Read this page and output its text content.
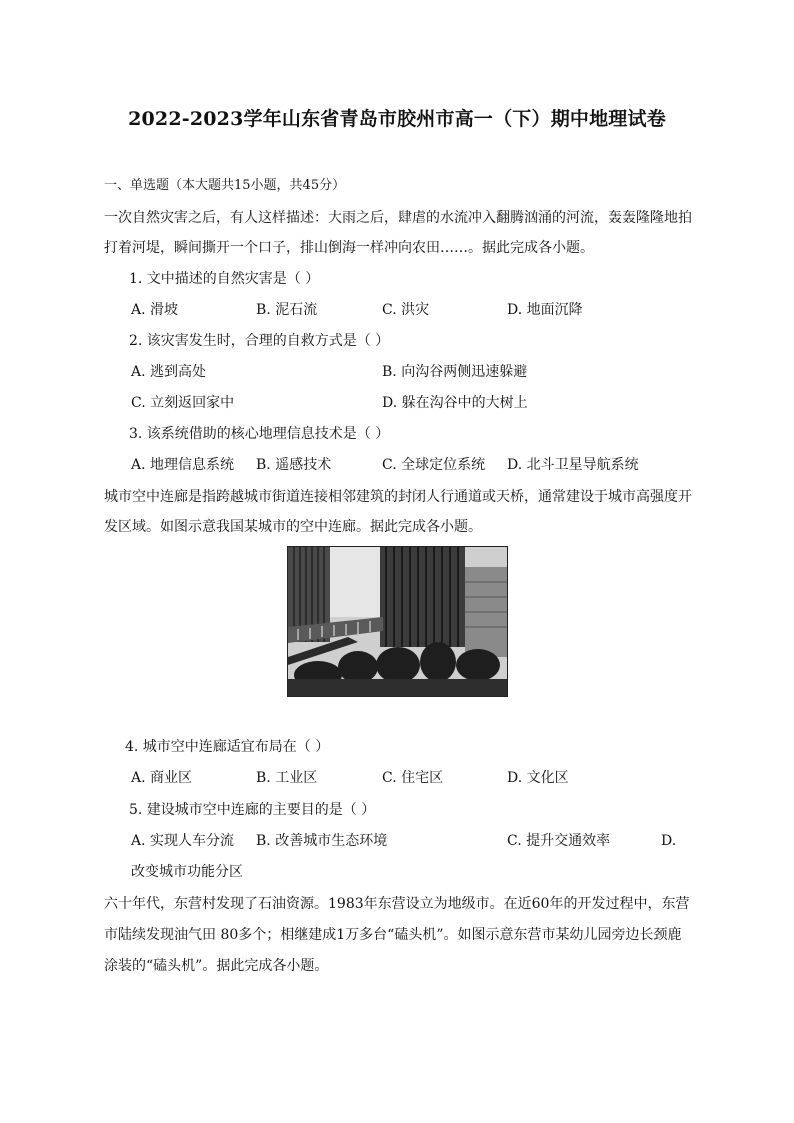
2022-2023学年山东省青岛市胶州市高一（下）期中地理试卷
一、单选题（本大题共15小题，共45分）
一次自然灾害之后，有人这样描述：大雨之后，肆虐的水流冲入翻腾汹涌的河流，轰轰隆隆地拍
打着河堤，瞬间撕开一个口子，排山倒海一样冲向农田……。据此完成各小题。
1. 文中描述的自然灾害是（ ）
A. 滑坡	B. 泥石流	C. 洪灾	D. 地面沉降
2. 该灾害发生时，合理的自救方式是（ ）
A. 逃到高处	B. 向沟谷两侧迅速躲避
C. 立刻返回家中	D. 躲在沟谷中的大树上
3. 该系统借助的核心地理信息技术是（ ）
A. 地理信息系统 B. 遥感技术	C. 全球定位系统 D. 北斗卫星导航系统
城市空中连廊是指跨越城市街道连接相邻建筑的封闭人行通道或天桥，通常建设于城市高强度开
发区域。如图示意我国某城市的空中连廊。据此完成各小题。
4. 城市空中连廊适宜布局在（ ）
A. 商业区	B. 工业区	C. 住宅区	D. 文化区
5. 建设城市空中连廊的主要目的是（ ）
A. 实现人车分流 B. 改善城市生态环境	C. 提升交通效率	D.
改变城市功能分区
六十年代，东营村发现了石油资源。1983年东营设立为地级市。在近60年的开发过程中，东营
市陆续发现油气田 80多个；相继建成1万多台“磕头机”。如图示意东营市某幼儿园旁边长颈鹿
涂装的“磕头机”。据此完成各小题。
